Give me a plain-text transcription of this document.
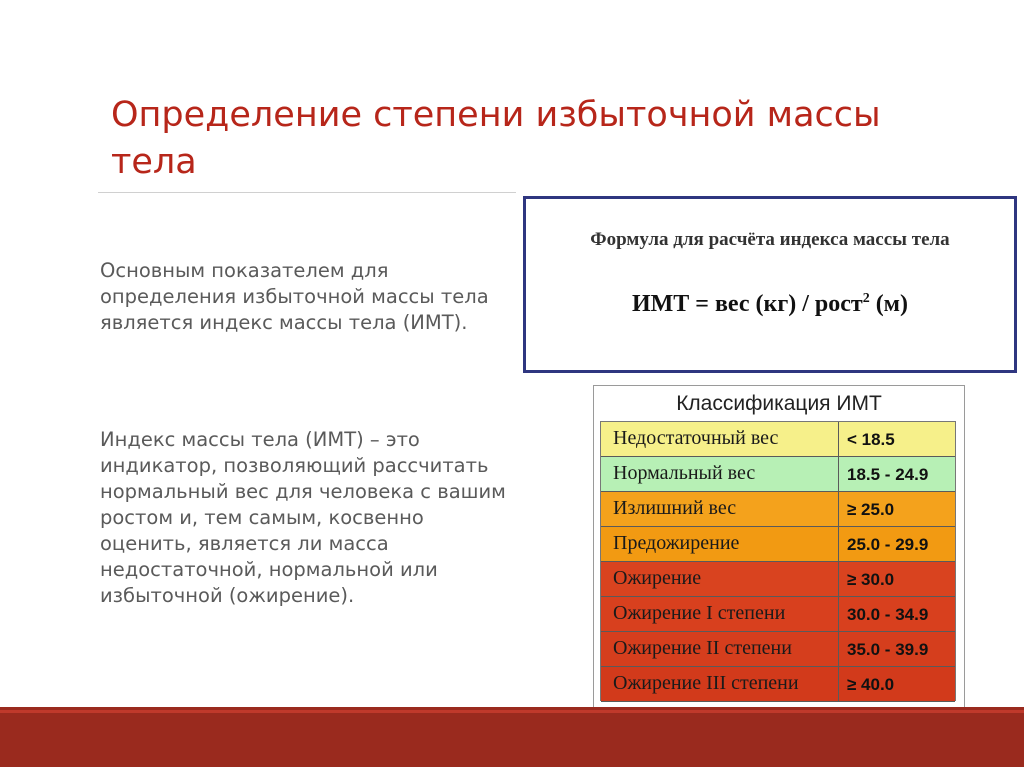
Определение степени избыточной массы тела
Основным показателем для определения избыточной массы тела является индекс массы тела (ИМТ).
Индекс массы тела (ИМТ) – это индикатор, позволяющий рассчитать нормальный вес для человека с вашим ростом и, тем самым, косвенно оценить, является ли масса недостаточной, нормальной или избыточной (ожирение).
Формула для расчёта индекса массы тела
ИМТ = вес (кг) / рост$^2$ (м)
Классификация ИМТ
Недостаточный вес	< 18.5
Нормальный вес	18.5 - 24.9
Излишний вес	≥ 25.0
Предожирение	25.0 - 29.9
Ожирение	≥ 30.0
Ожирение I степени	30.0 - 34.9
Ожирение II степени	35.0 - 39.9
Ожирение III степени	≥ 40.0
